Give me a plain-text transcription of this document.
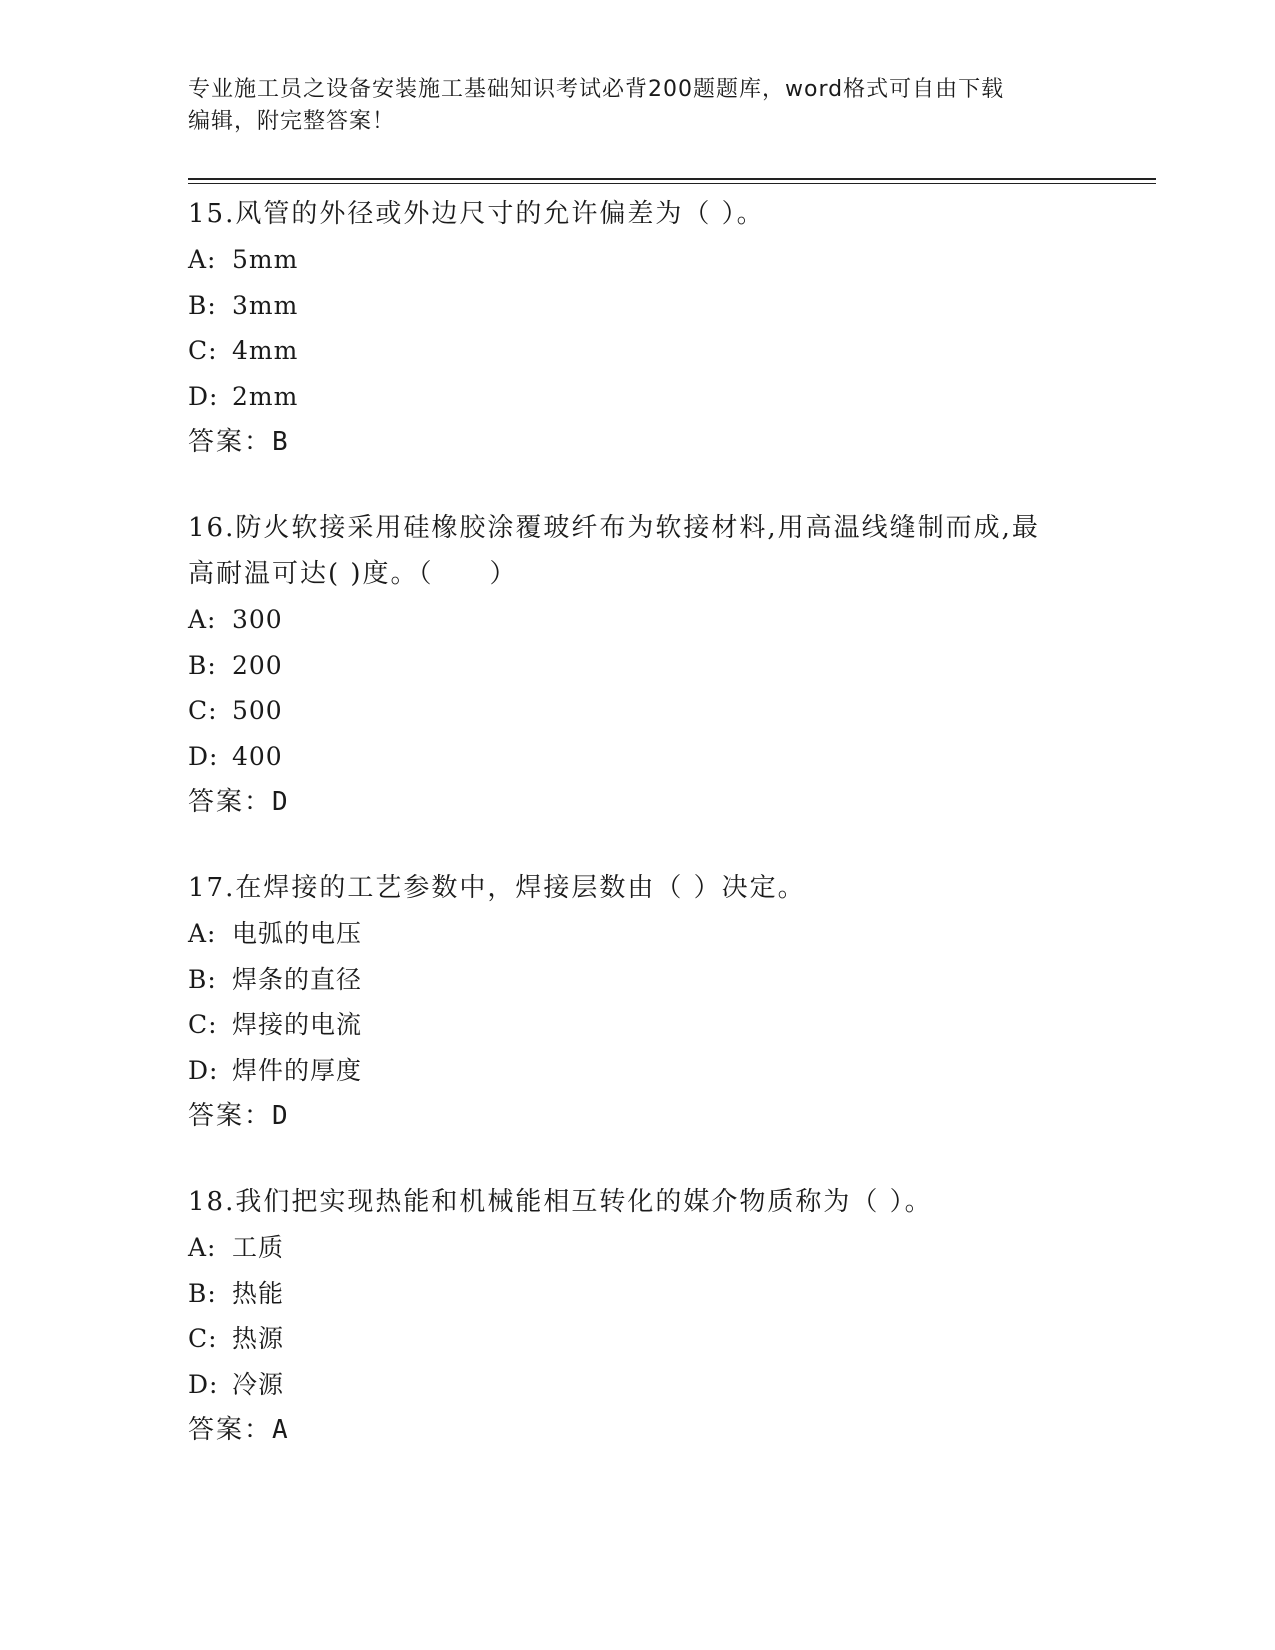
专业施工员之设备安装施工基础知识考试必背200题题库，word格式可自由下载
编辑，附完整答案！
15.风管的外径或外边尺寸的允许偏差为（ ）。
A: 5mm
B: 3mm
C: 4mm
D: 2mm
答案：B
16.防火软接采用硅橡胶涂覆玻纤布为软接材料,用高温线缝制而成,最
高耐温可达( )度。（　　）
A: 300
B: 200
C: 500
D: 400
答案：D
17.在焊接的工艺参数中，焊接层数由（ ）决定。
A: 电弧的电压
B: 焊条的直径
C: 焊接的电流
D: 焊件的厚度
答案：D
18.我们把实现热能和机械能相互转化的媒介物质称为（ ）。
A: 工质
B: 热能
C: 热源
D: 冷源
答案：A
